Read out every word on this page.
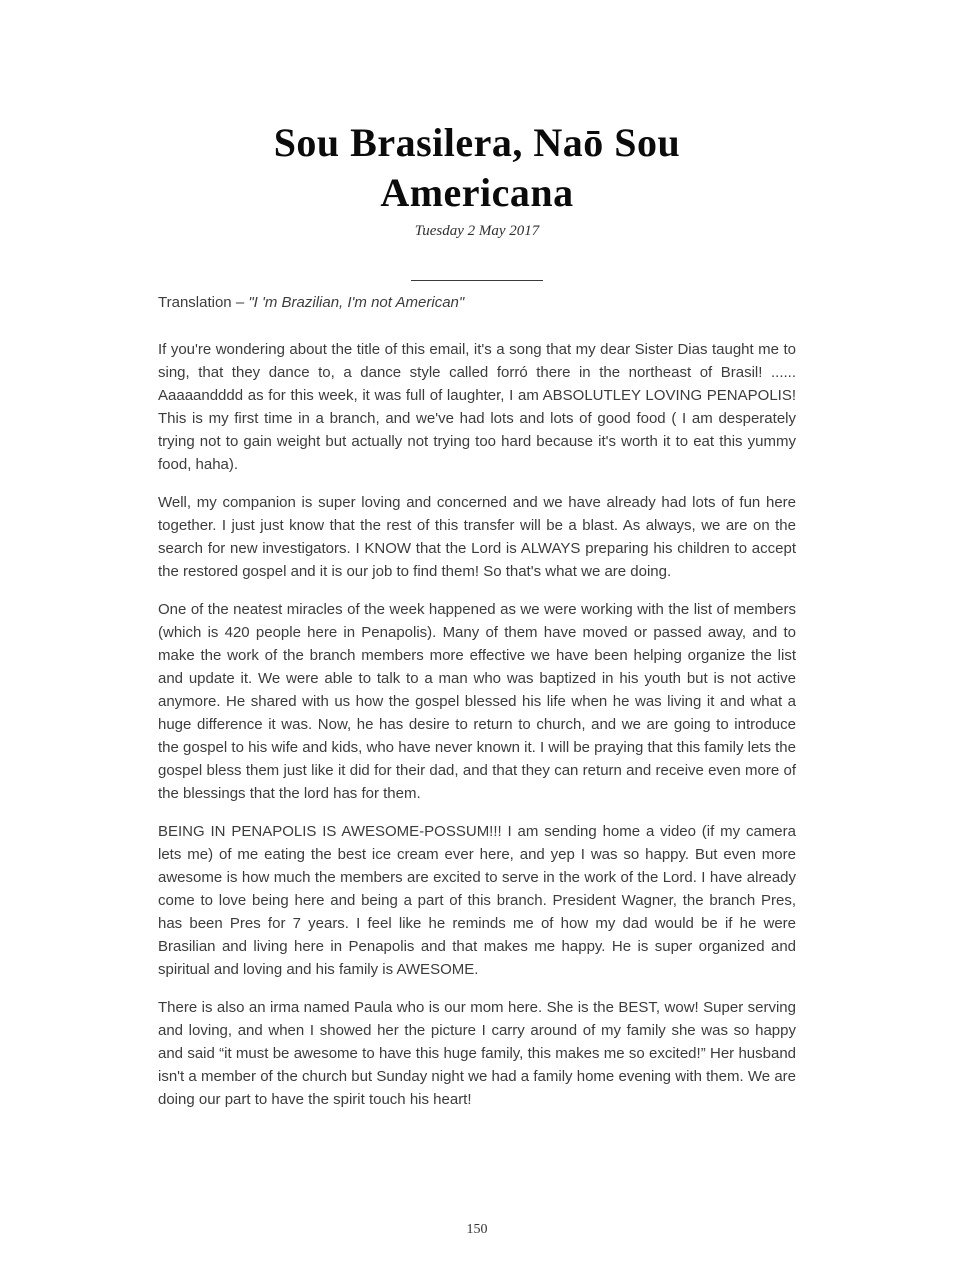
Sou Brasilera, Naō Sou
Americana
Tuesday 2 May 2017

Translation – "I 'm Brazilian, I'm not American"

If you're wondering about the title of this email, it's a song that my dear Sister Dias taught me to sing, that they dance to, a dance style called forró there in the northeast of Brasil! ...... Aaaaandddd as for this week, it was full of laughter, I am ABSOLUTLEY LOVING PENAPOLIS! This is my first time in a branch, and we've had lots and lots of good food ( I am desperately trying not to gain weight but actually not trying too hard because it's worth it to eat this yummy food, haha).

Well, my companion is super loving and concerned and we have already had lots of fun here together. I just just know that the rest of this transfer will be a blast. As always, we are on the search for new investigators. I KNOW that the Lord is ALWAYS preparing his children to accept the restored gospel and it is our job to find them! So that's what we are doing.

One of the neatest miracles of the week happened as we were working with the list of members (which is 420 people here in Penapolis). Many of them have moved or passed away, and to make the work of the branch members more effective we have been helping organize the list and update it. We were able to talk to a man who was baptized in his youth but is not active anymore. He shared with us how the gospel blessed his life when he was living it and what a huge difference it was. Now, he has desire to return to church, and we are going to introduce the gospel to his wife and kids, who have never known it. I will be praying that this family lets the gospel bless them just like it did for their dad, and that they can return and receive even more of the blessings that the lord has for them.

BEING IN PENAPOLIS IS AWESOME-POSSUM!!! I am sending home a video (if my camera lets me) of me eating the best ice cream ever here, and yep I was so happy. But even more awesome is how much the members are excited to serve in the work of the Lord. I have already come to love being here and being a part of this branch. President Wagner, the branch Pres, has been Pres for 7 years. I feel like he reminds me of how my dad would be if he were Brasilian and living here in Penapolis and that makes me happy. He is super organized and spiritual and loving and his family is AWESOME.

There is also an irma named Paula who is our mom here. She is the BEST, wow! Super serving and loving, and when I showed her the picture I carry around of my family she was so happy and said “it must be awesome to have this huge family, this makes me so excited!” Her husband isn't a member of the church but Sunday night we had a family home evening with them. We are doing our part to have the spirit touch his heart!

150
